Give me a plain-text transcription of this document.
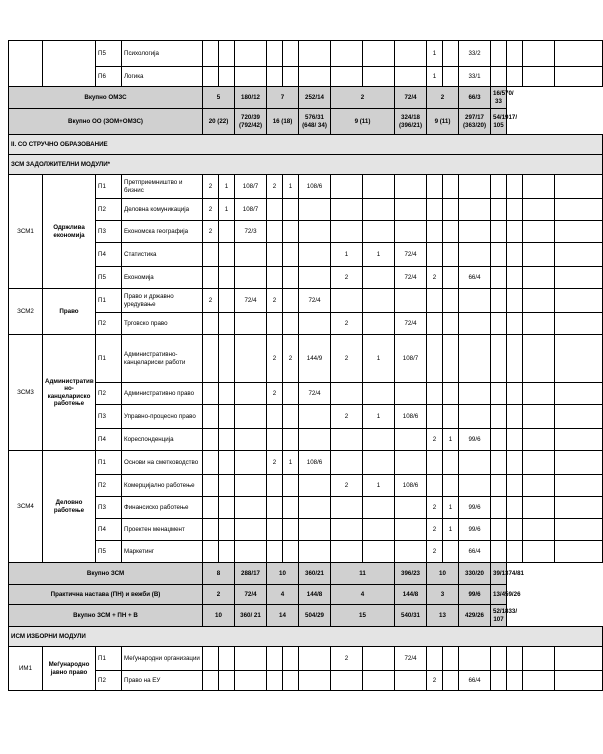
		П5	Психологија										1		33/2				
		П6	Логика										1		33/1				
Вкупно ОМЗС				5		180/12	7		252/14	2		72/4	2		66/3	16/570/ 33			
Вкупно ОО (ЗОМ+ОМЗС)				20 (22)		720/39 (792/42)	16 (18)		576/31 (648/ 34)	9 (11)		324/18 (396/21)	9 (11)		297/17 (363/20)	54/1917/ 105			
II. СО СТРУЧНО ОБРАЗОВАНИЕ																			
ЗСМ ЗАДОЛЖИТЕЛНИ МОДУЛИ*																			
ЗСМ1	Одржлива економија	П1	Претприемништво и бизнис	2	1	108/7	2	1	108/6										
		П2	Деловна комуникација	2	1	108/7													
		П3	Економска географија	2		72/3													
		П4	Статистика							1	1	72/4							
		П5	Економија							2		72/4	2		66/4				
ЗСМ2	Право	П1	Право и државно уредување	2		72/4	2		72/4										
		П2	Трговско право							2		72/4							
ЗСМ3	Административ но-канцелариско работење	П1	Административно-канцелариски работи				2	2	144/9	2	1	108/7							
		П2	Административно право				2		72/4										
		П3	Управно-процесно право							2	1	108/6							
		П4	Кореспонденција										2	1	99/6				
ЗСМ4	Деловно работење	П1	Основи на сметководство				2	1	108/6										
		П2	Комерцијално работење							2	1	108/6							
		П3	Финансиско работење										2	1	99/6				
		П4	Проектен менаџмент										2	1	99/6				
		П5	Маркетинг										2		66/4				
Вкупно ЗСМ				8		288/17	10		360/21	11		396/23	10		330/20	39/1374/81			
Практична настава (ПН) и вежби (В)				2		72/4	4		144/8	4		144/8	3		99/6	13/459/26			
Вкупно ЗСМ + ПН + В				10		360/ 21	14		504/29	15		540/31	13		429/26	52/1833/ 107			
ИСМ ИЗБОРНИ МОДУЛИ																			
ИМ1	Меѓународно јавно право	П1	Меѓународни организации							2		72/4							
		П2	Право на ЕУ										2		66/4				
